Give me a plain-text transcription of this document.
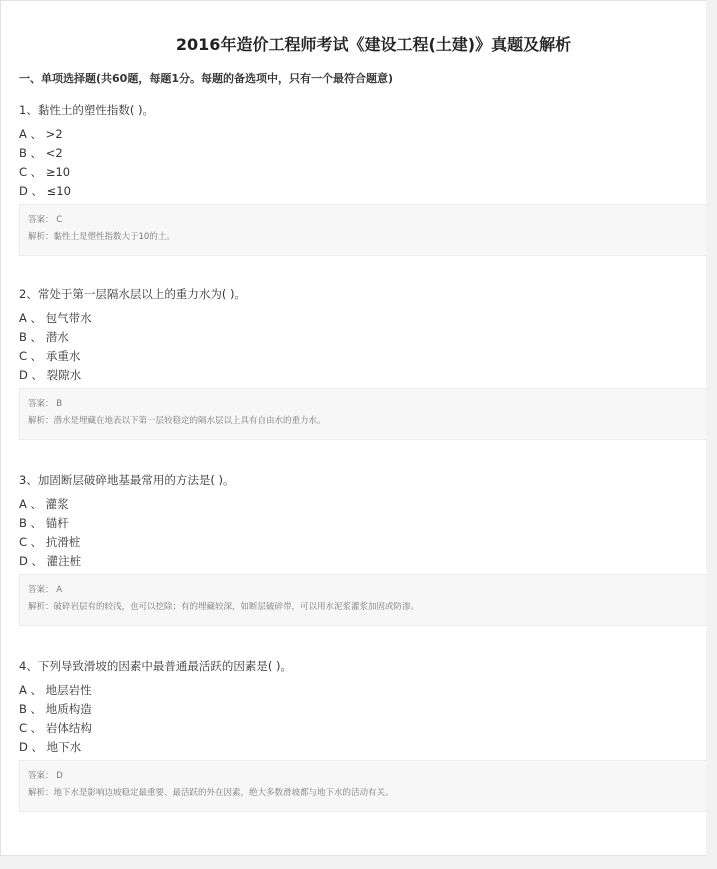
2016年造价工程师考试《建设工程(土建)》真题及解析
一、单项选择题(共60题，每题1分。每题的备选项中，只有一个最符合题意)
1、黏性土的塑性指数( )。
A 、 >2
B 、 <2
C 、 ≥10
D 、 ≤10
答案： C
解析：黏性土是塑性指数大于10的土。
2、常处于第一层隔水层以上的重力水为( )。
A 、 包气带水
B 、 潜水
C 、 承重水
D 、 裂隙水
答案： B
解析：潜水是埋藏在地表以下第一层较稳定的隔水层以上具有自由水的重力水。
3、加固断层破碎地基最常用的方法是( )。
A 、 灌浆
B 、 锚杆
C 、 抗滑桩
D 、 灌注桩
答案： A
解析：破碎岩层有的较浅，也可以挖除；有的埋藏较深，如断层破碎带，可以用水泥浆灌浆加固或防渗。
4、下列导致滑坡的因素中最普通最活跃的因素是( )。
A 、 地层岩性
B 、 地质构造
C 、 岩体结构
D 、 地下水
答案： D
解析：地下水是影响边坡稳定最重要、最活跃的外在因素，绝大多数滑坡都与地下水的活动有关。
